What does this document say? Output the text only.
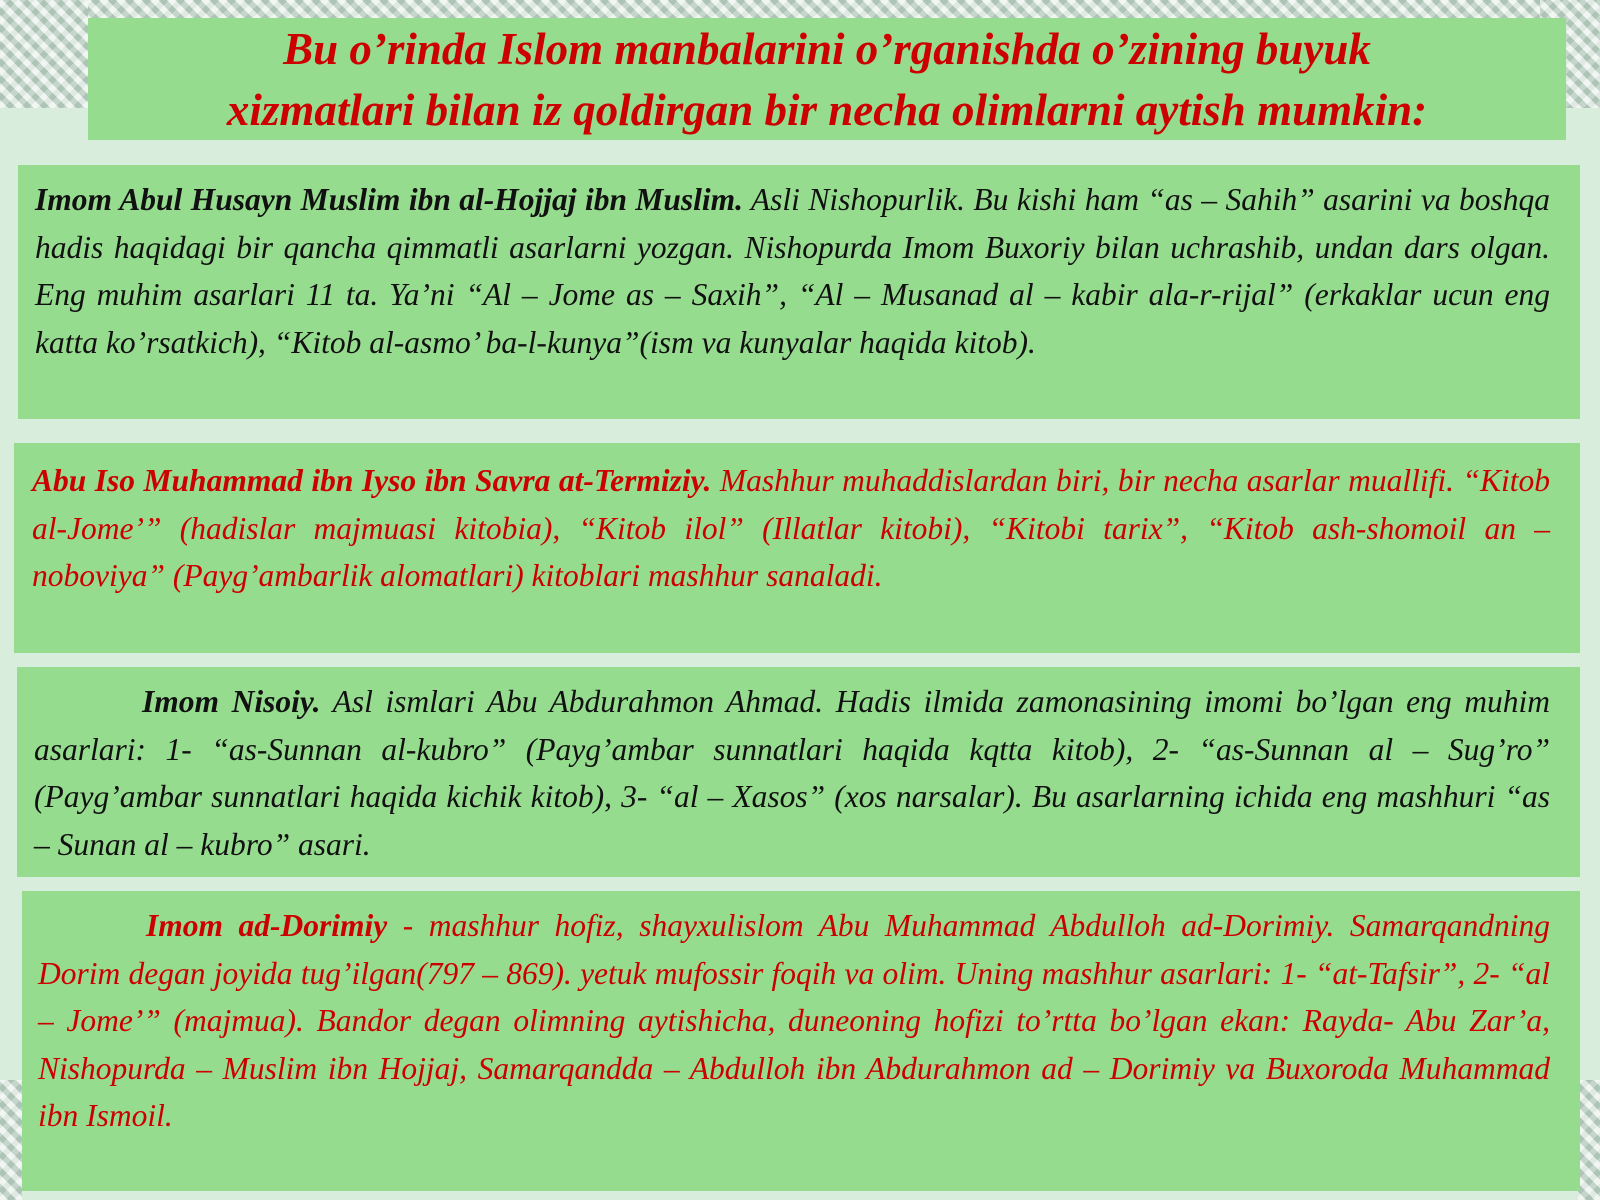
Bu o’rinda Islom manbalarini o’rganishda o’zining buyuk
xizmatlari bilan iz qoldirgan bir necha olimlarni aytish mumkin:
Imom Abul Husayn Muslim ibn al-Hojjaj ibn Muslim. Asli Nishopurlik. Bu kishi ham “as – Sahih” asarini va boshqa hadis haqidagi bir qancha qimmatli asarlarni yozgan. Nishopurda Imom Buxoriy bilan uchrashib, undan dars olgan. Eng muhim asarlari 11 ta. Ya’ni “Al – Jome as – Saxih”, “Al – Musanad al – kabir ala-r-rijal” (erkaklar ucun eng katta ko’rsatkich), “Kitob al-asmo’ ba-l-kunya”(ism va kunyalar haqida kitob).
Abu Iso Muhammad ibn Iyso ibn Savra at-Termiziy. Mashhur muhaddislardan biri, bir necha asarlar muallifi. “Kitob al-Jome’” (hadislar majmuasi kitobia), “Kitob ilol” (Illatlar kitobi), “Kitobi tarix”, “Kitob ash-shomoil an – noboviya” (Payg’ambarlik alomatlari) kitoblari mashhur sanaladi.
Imom Nisoiy. Asl ismlari Abu Abdurahmon Ahmad. Hadis ilmida zamonasining imomi bo’lgan eng muhim asarlari: 1- “as-Sunnan al-kubro” (Payg’ambar sunnatlari haqida kqtta kitob), 2- “as-Sunnan al – Sug’ro” (Payg’ambar sunnatlari haqida kichik kitob), 3- “al – Xasos” (xos narsalar). Bu asarlarning ichida eng mashhuri “as – Sunan al – kubro” asari.
Imom ad-Dorimiy - mashhur hofiz, shayxulislom Abu Muhammad Abdulloh ad-Dorimiy. Samarqandning Dorim degan joyida tug’ilgan(797 – 869). yetuk mufossir foqih va olim. Uning mashhur asarlari: 1- “at-Tafsir”, 2- “al – Jome’” (majmua). Bandor degan olimning aytishicha, duneoning hofizi to’rtta bo’lgan ekan: Rayda- Abu Zar’a, Nishopurda – Muslim ibn Hojjaj, Samarqandda – Abdulloh ibn Abdurahmon ad – Dorimiy va Buxoroda Muhammad ibn Ismoil.
